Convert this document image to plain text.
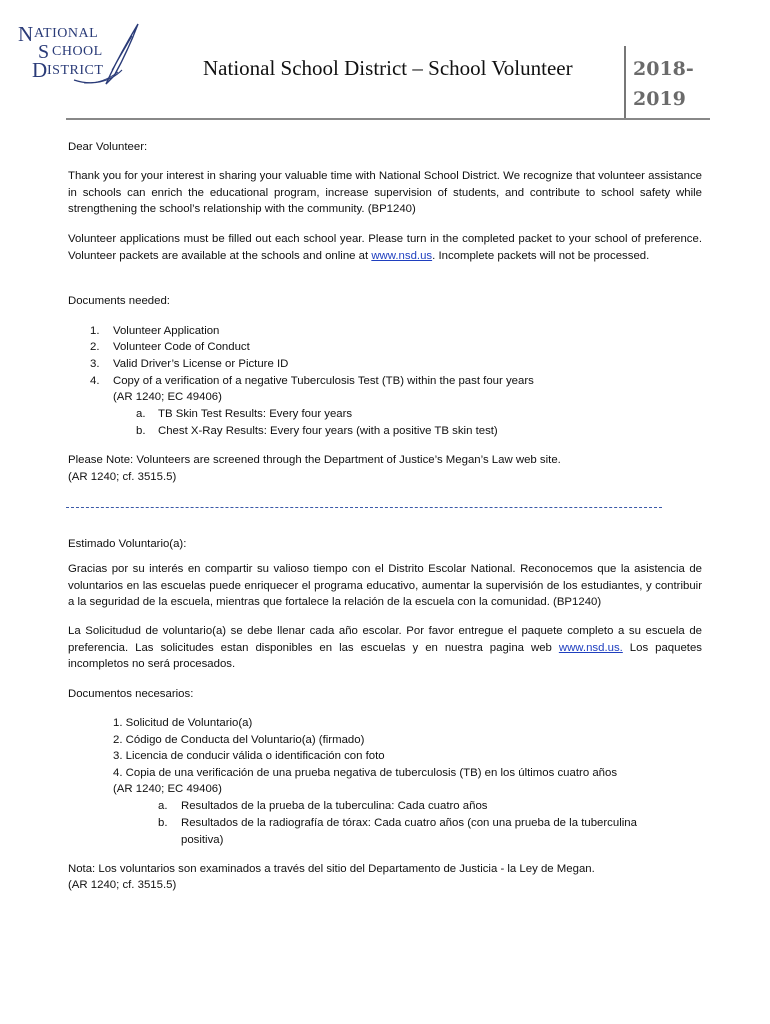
N ATIONAL
S CHOOL
D ISTRICT	National School District – School Volunteer	2018-
2019
Dear Volunteer:
Thank you for your interest in sharing your valuable time with National School District. We recognize that volunteer assistance in schools can enrich the educational program, increase supervision of students, and contribute to school safety while strengthening the school’s relationship with the community. (BP1240)
Volunteer applications must be filled out each school year. Please turn in the completed packet to your school of preference. Volunteer packets are available at the schools and online at www.nsd.us. Incomplete packets will not be processed.
Documents needed:
1. Volunteer Application
2. Volunteer Code of Conduct
3. Valid Driver’s License or Picture ID
4. Copy of a verification of a negative Tuberculosis Test (TB) within the past four years
(AR 1240; EC 49406)
a. TB Skin Test Results: Every four years
b. Chest X-Ray Results: Every four years (with a positive TB skin test)
Please Note: Volunteers are screened through the Department of Justice’s Megan’s Law web site.
(AR 1240; cf. 3515.5)
Estimado Voluntario(a):
Gracias por su interés en compartir su valioso tiempo con el Distrito Escolar National. Reconocemos que la asistencia de voluntarios en las escuelas puede enriquecer el programa educativo, aumentar la supervisión de los estudiantes, y contribuir a la seguridad de la escuela, mientras que fortalece la relación de la escuela con la comunidad. (BP1240)
La Solicitudud de voluntario(a) se debe llenar cada año escolar. Por favor entregue el paquete completo a su escuela de preferencia. Las solicitudes estan disponibles en las escuelas y en nuestra pagina web www.nsd.us. Los paquetes incompletos no será procesados.
Documentos necesarios:
1. Solicitud de Voluntario(a)
2. Código de Conducta del Voluntario(a) (firmado)
3. Licencia de conducir válida o identificación con foto
4. Copia de una verificación de una prueba negativa de tuberculosis (TB) en los últimos cuatro años
(AR 1240; EC 49406)
a. Resultados de la prueba de la tuberculina: Cada cuatro años
b. Resultados de la radiografía de tórax: Cada cuatro años (con una prueba de la tuberculina
positiva)
Nota: Los voluntarios son examinados a través del sitio del Departamento de Justicia - la Ley de Megan.
(AR 1240; cf. 3515.5)
